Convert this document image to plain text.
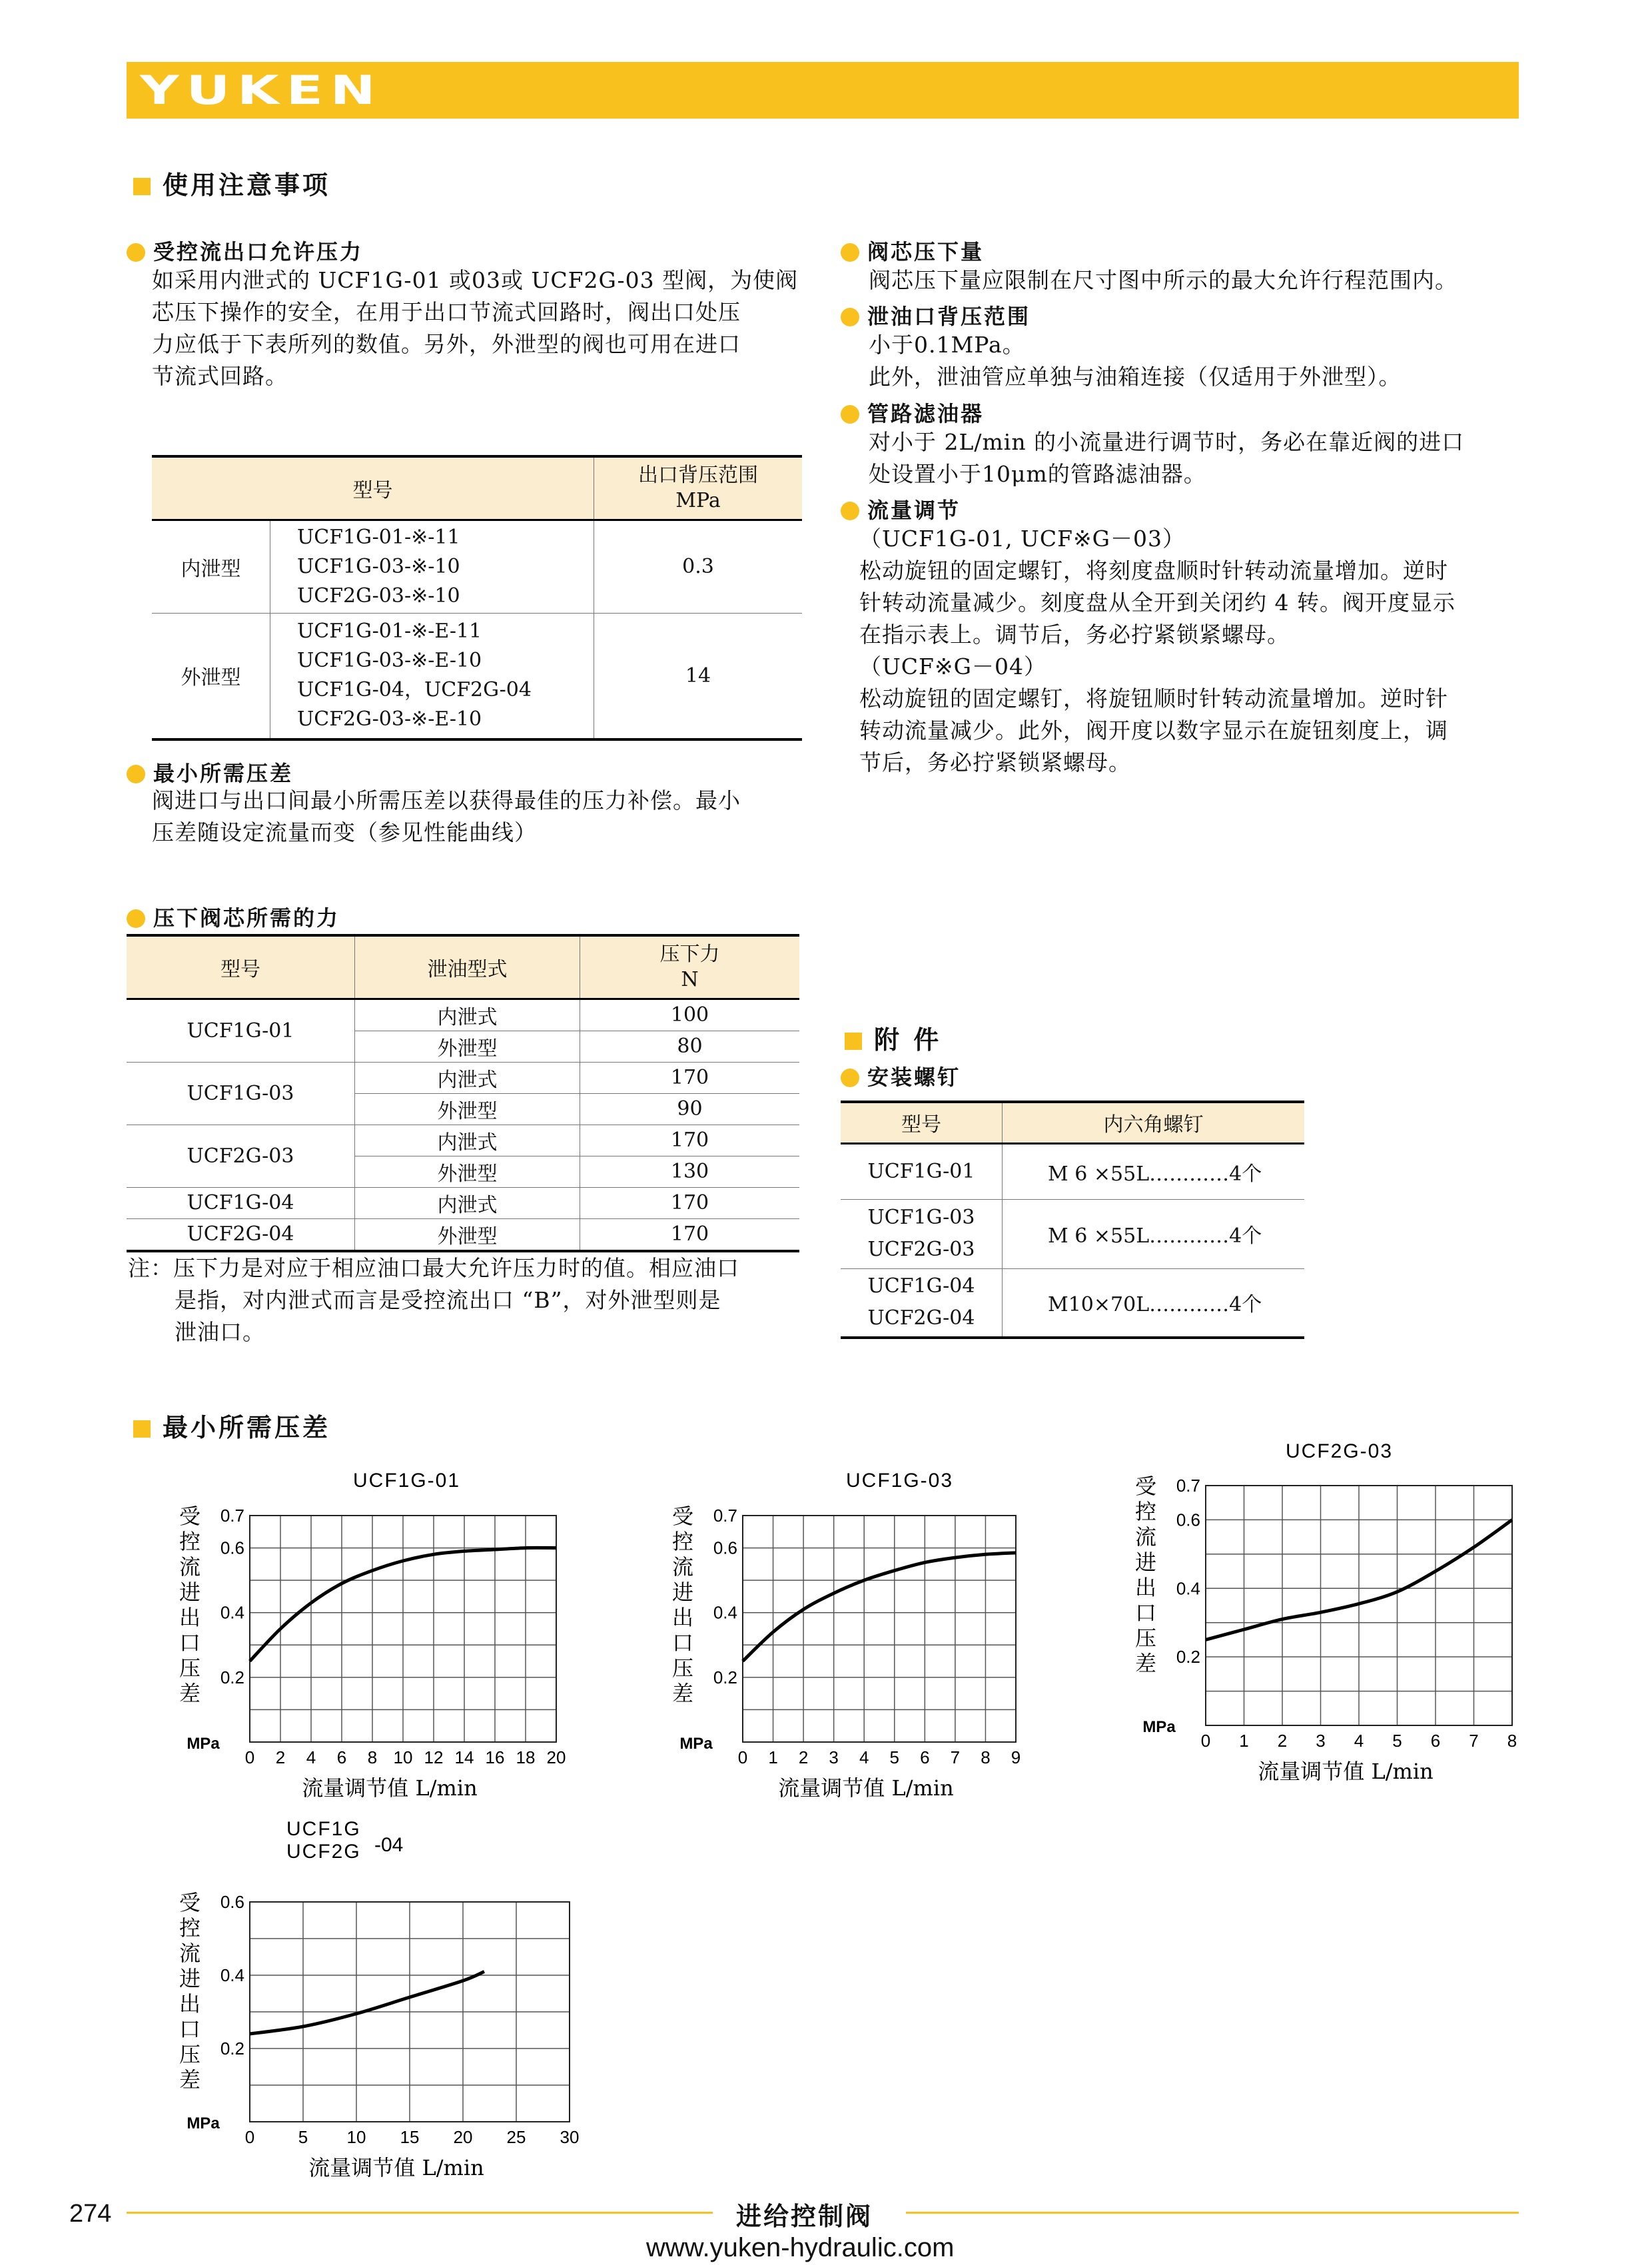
YUKEN
使用注意事项
受控流出口允许压力
如采用内泄式的 UCF1G-01 或03或 UCF2G-03 型阀，为使阀
芯压下操作的安全，在用于出口节流式回路时，阀出口处压
力应低于下表所列的数值。另外，外泄型的阀也可用在进口
节流式回路。
型号		出口背压范围
MPa

内泄型	UCF1G-01-※-11
UCF1G-03-※-10
UCF2G-03-※-10	0.3
外泄型	UCF1G-01-※-E-11
UCF1G-03-※-E-10
UCF1G-04，UCF2G-04
UCF2G-03-※-E-10	14
最小所需压差
阀进口与出口间最小所需压差以获得最佳的压力补偿。最小
压差随设定流量而变（参见性能曲线）
压下阀芯所需的力
型号	泄油型式	压下力
N

UCF1G-01	内泄式	100
	外泄型	80
UCF1G-03	内泄式	170
	外泄型	90
UCF2G-03	内泄式	170
	外泄型	130
UCF1G-04	内泄式	170
UCF2G-04	外泄型	170
注：压下力是对应于相应油口最大允许压力时的值。相应油口
是指，对内泄式而言是受控流出口 “B”，对外泄型则是
泄油口。
阀芯压下量
阀芯压下量应限制在尺寸图中所示的最大允许行程范围内。
泄油口背压范围
小于0.1MPa。
此外，泄油管应单独与油箱连接（仅适用于外泄型）。
管路滤油器
对小于 2L/min 的小流量进行调节时，务必在靠近阀的进口
处设置小于10μm的管路滤油器。
流量调节
（UCF1G-01, UCF※G－03）
松动旋钮的固定螺钉，将刻度盘顺时针转动流量增加。逆时
针转动流量减少。刻度盘从全开到关闭约 4 转。阀开度显示
在指示表上。调节后，务必拧紧锁紧螺母。
（UCF※G－04）
松动旋钮的固定螺钉，将旋钮顺时针转动流量增加。逆时针
转动流量减少。此外，阀开度以数字显示在旋钮刻度上，调
节后，务必拧紧锁紧螺母。
附 件
安装螺钉
型号	内六角螺钉
UCF1G-01	M 6 ×55L…………4个

UCF1G-03
UCF2G-03	M 6 ×55L…………4个

UCF1G-04
UCF2G-04	M10×70L…………4个
最小所需压差
UCF1G-01
0 2 4 6 8 10 12 14 16 18 20
0.2
0.4
0.6
0.7
受
控
流
进
出
口
压
差
MPa
流量调节值 L/min
UCF1G-03
0 1 2 3 4 5 6 7 8 9
0.2
0.4
0.6
0.7
受
控
流
进
出
口
压
差
MPa
流量调节值 L/min
UCF2G-03
0 1 2 3 4 5 6 7 8
0.2
0.4
0.6
0.7
受
控
流
进
出
口
压
差
MPa
流量调节值 L/min
UCF1G
UCF2G -04
0	5 10 15 20 25 30
0.2
0.4
0.6
受
控
流
进
出
口
压
差
MPa
流量调节值 L/min
274	进给控制阀
www.yuken-hydraulic.com
